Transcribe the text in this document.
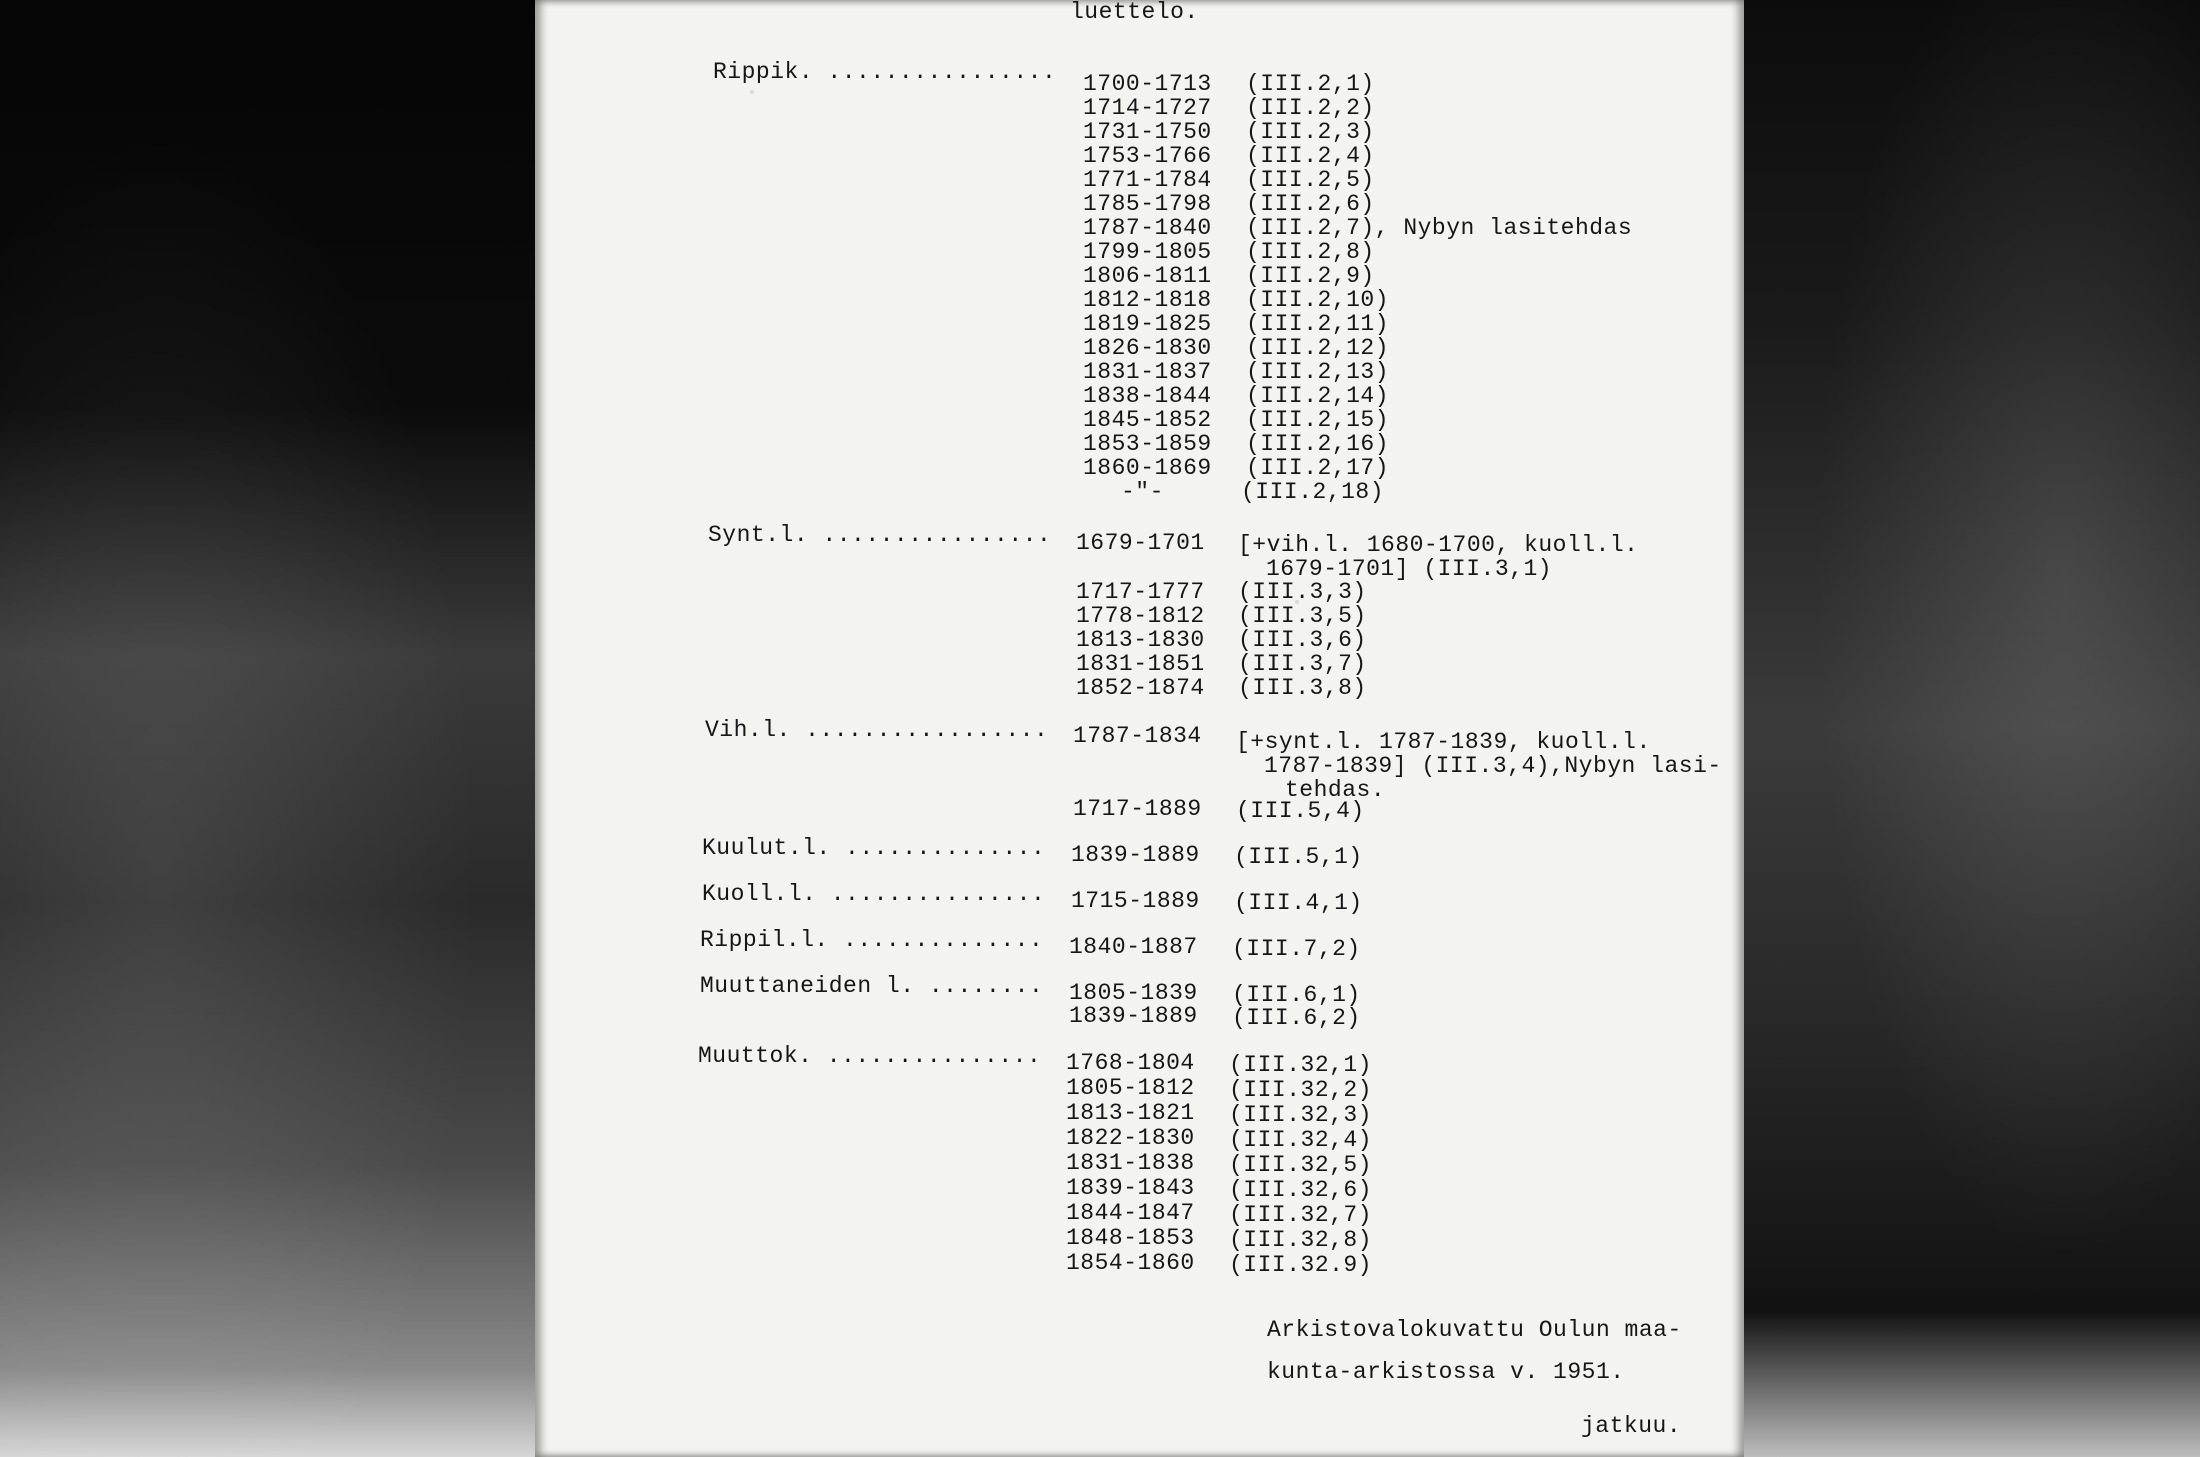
luettelo.
Rippik. ................ 1700-1713 (III.2,1)
1714-1727 (III.2,2)
1731-1750 (III.2,3)
1753-1766 (III.2,4)
1771-1784 (III.2,5)
1785-1798 (III.2,6)
1787-1840 (III.2,7), Nybyn lasitehdas
1799-1805 (III.2,8)
1806-1811 (III.2,9)
1812-1818 (III.2,10)
1819-1825 (III.2,11)
1826-1830 (III.2,12)
1831-1837 (III.2,13)
1838-1844 (III.2,14)
1845-1852 (III.2,15)
1853-1859 (III.2,16)
1860-1869 (III.2,17)
-"-	(III.2,18)
Synt.l. ................ 1679-1701 [+vih.l. 1680-1700, kuoll.l.
1679-1701] (III.3,1)
1717-1777 (III.3,3)
1778-1812 (III.3,5)
1813-1830 (III.3,6)
1831-1851 (III.3,7)
1852-1874 (III.3,8)
Vih.l. ................. 1787-1834 [+synt.l. 1787-1839, kuoll.l.
1787-1839] (III.3,4),Nybyn lasi-
tehdas.
1717-1889 (III.5,4)
Kuulut.l. .............. 1839-1889 (III.5,1)
Kuoll.l. ............... 1715-1889 (III.4,1)
Rippil.l. .............. 1840-1887 (III.7,2)
Muuttaneiden l. ........ 1805-1839 (III.6,1)
1839-1889 (III.6,2)
Muuttok. ............... 1768-1804 (III.32,1)
1805-1812 (III.32,2)
1813-1821 (III.32,3)
1822-1830 (III.32,4)
1831-1838 (III.32,5)
1839-1843 (III.32,6)
1844-1847 (III.32,7)
1848-1853 (III.32,8)
1854-1860 (III.32.9)
Arkistovalokuvattu Oulun maa-
kunta-arkistossa v. 1951.
jatkuu.
